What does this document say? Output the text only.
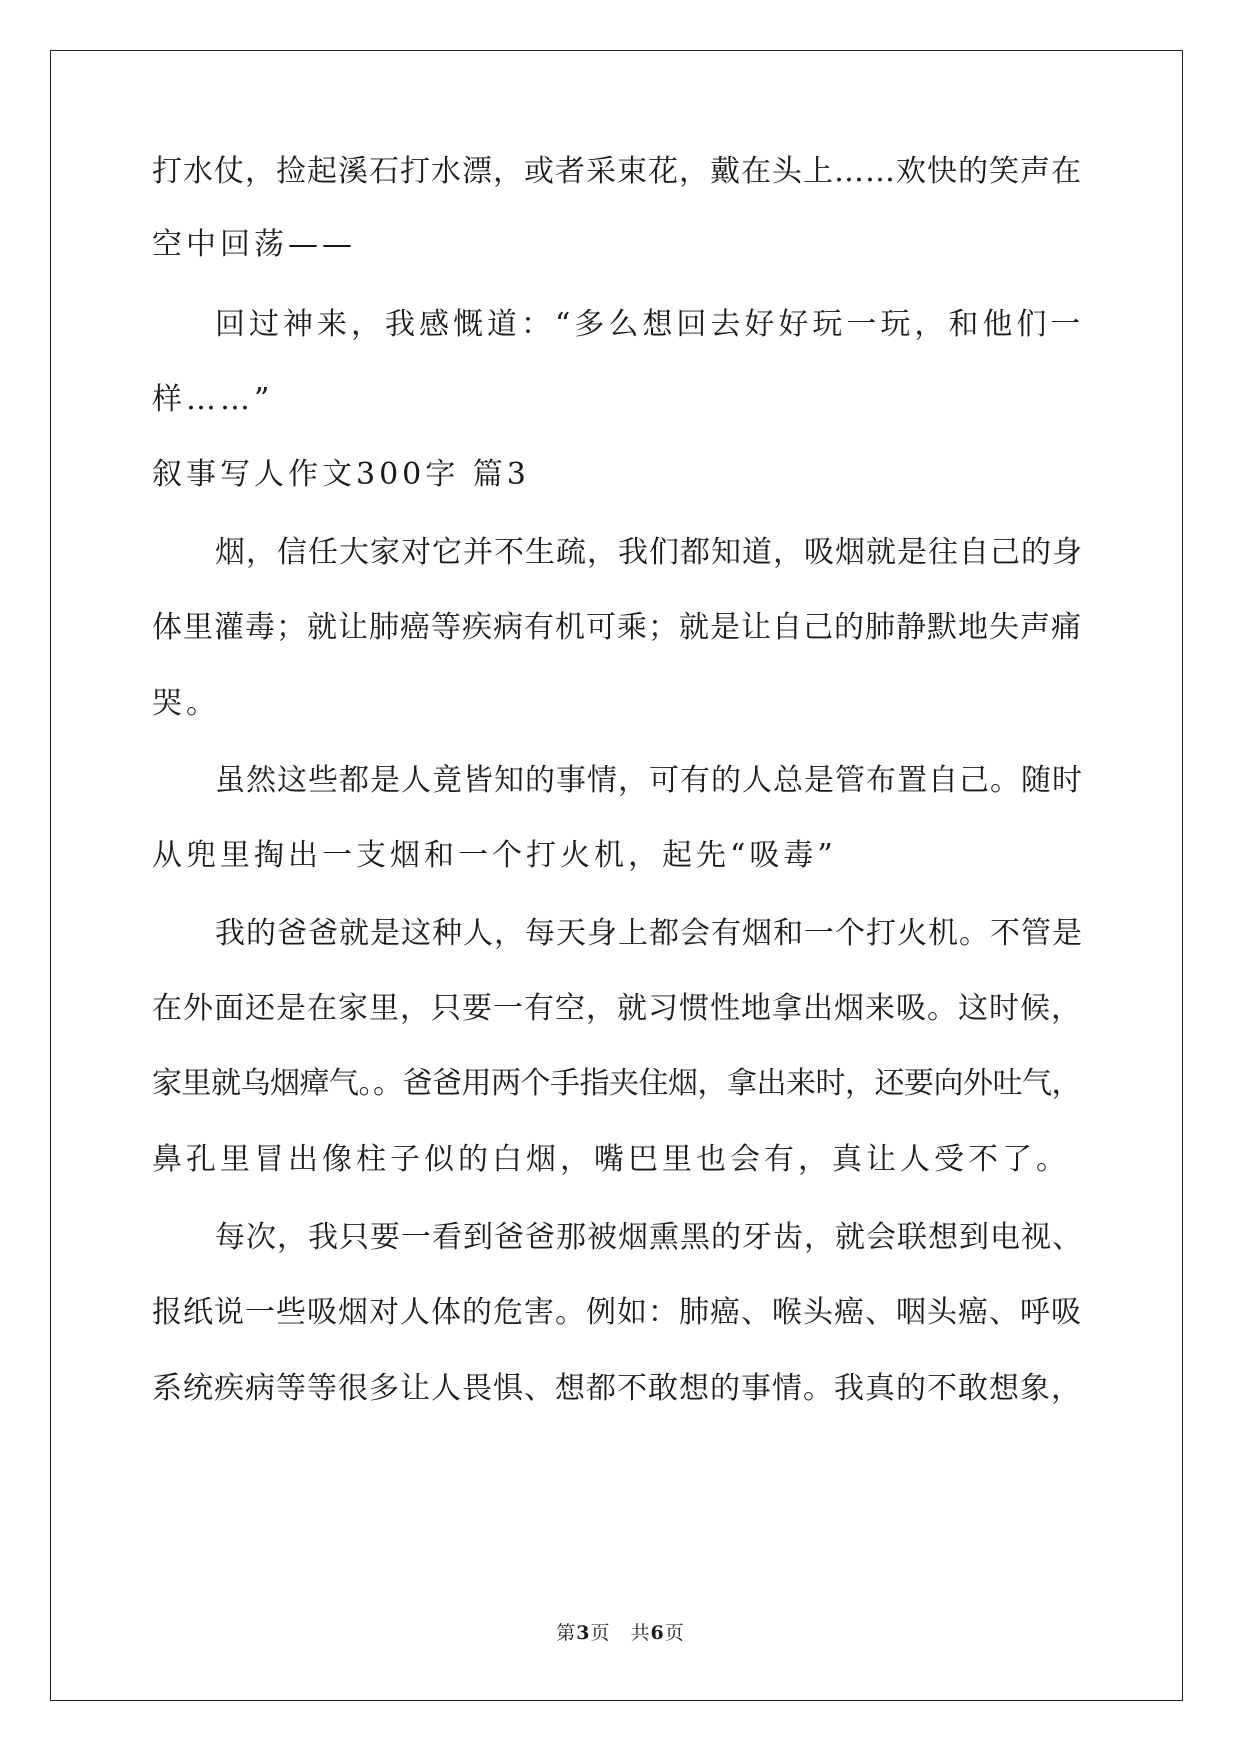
打水仗，捡起溪石打水漂，或者采束花，戴在头上……欢快的笑声在
空中回荡——
回过神来，我感慨道：“多么想回去好好玩一玩，和他们一
样……”
叙事写人作文300字 篇3
烟，信任大家对它并不生疏，我们都知道，吸烟就是往自己的身
体里灌毒；就让肺癌等疾病有机可乘；就是让自己的肺静默地失声痛
哭。
虽然这些都是人竟皆知的事情，可有的人总是管布置自己。随时
从兜里掏出一支烟和一个打火机，起先“吸毒”
我的爸爸就是这种人，每天身上都会有烟和一个打火机。不管是
在外面还是在家里，只要一有空，就习惯性地拿出烟来吸。这时候，
家里就乌烟瘴气。。爸爸用两个手指夹住烟，拿出来时，还要向外吐气，
鼻孔里冒出像柱子似的白烟，嘴巴里也会有，真让人受不了。
每次，我只要一看到爸爸那被烟熏黑的牙齿，就会联想到电视、
报纸说一些吸烟对人体的危害。例如：肺癌、喉头癌、咽头癌、呼吸
系统疾病等等很多让人畏惧、想都不敢想的事情。我真的不敢想象，
第3页　共6页
